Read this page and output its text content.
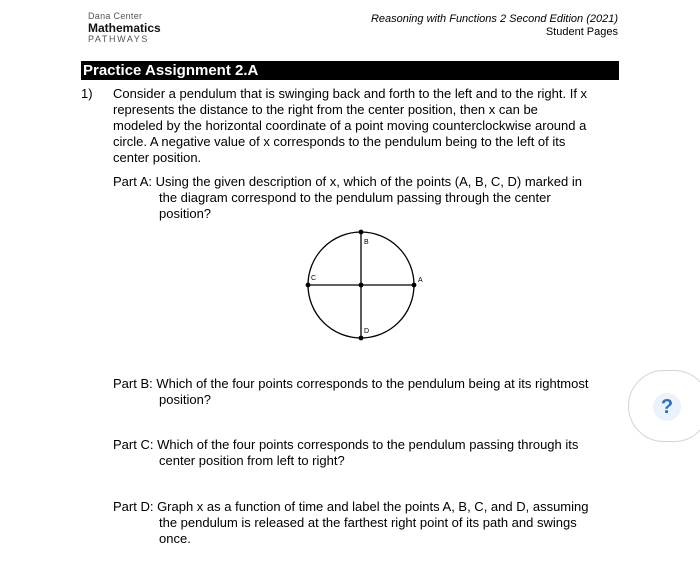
Dana Center
Mathematics
PATHWAYS
Reasoning with Functions 2 Second Edition (2021)
Student Pages
Practice Assignment 2.A
1) Consider a pendulum that is swinging back and forth to the left and to the right. If x
represents the distance to the right from the center position, then x can be
modeled by the horizontal coordinate of a point moving counterclockwise around a
circle. A negative value of x corresponds to the pendulum being to the left of its
center position.
Part A: Using the given description of x, which of the points (A, B, C, D) marked in
the diagram correspond to the pendulum passing through the center
position?
A
B
C
D
Part B: Which of the four points corresponds to the pendulum being at its rightmost
position?
Part C: Which of the four points corresponds to the pendulum passing through its
center position from left to right?
Part D: Graph x as a function of time and label the points A, B, C, and D, assuming
the pendulum is released at the farthest right point of its path and swings
once.
?
